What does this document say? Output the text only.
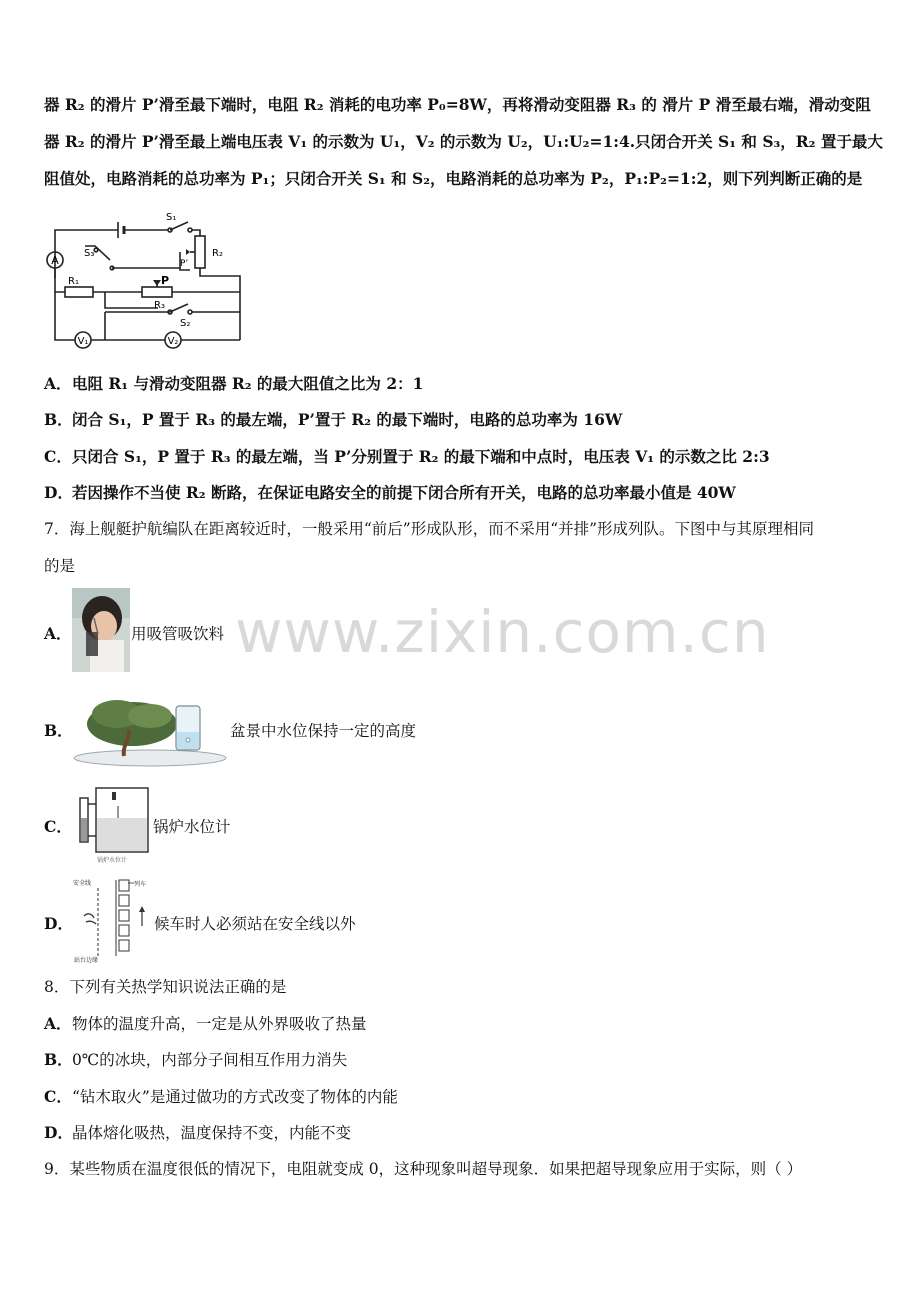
器 R₂ 的滑片 P’滑至最下端时，电阻 R₂ 消耗的电功率 P₀=8W，再将滑动变阻器 R₃ 的 滑片 P 滑至最右端，滑动变阻
器 R₂ 的滑片 P’滑至最上端电压表 V₁ 的示数为 U₁，V₂ 的示数为 U₂，U₁:U₂=1:4.只闭合开关 S₁ 和 S₃，R₂ 置于最大
阻值处，电路消耗的总功率为 P₁；只闭合开关 S₁ 和 S₂，电路消耗的总功率为 P₂，P₁:P₂=1:2，则下列判断正确的是
A
V₁	V₂
S₁
S₃	R₂
P’
R₁	P
R₃
S₂
A．电阻 R₁ 与滑动变阻器 R₂ 的最大阻值之比为 2：1
B．闭合 S₁，P 置于 R₃ 的最左端，P’置于 R₂ 的最下端时，电路的总功率为 16W
C．只闭合 S₁，P 置于 R₃ 的最左端，当 P’分别置于 R₂ 的最下端和中点时，电压表 V₁ 的示数之比 2:3
D．若因操作不当使 R₂ 断路，在保证电路安全的前提下闭合所有开关，电路的总功率最小值是 40W
7．海上舰艇护航编队在距离较近时，一般采用“前后”形成队形，而不采用“并排”形成列队。下图中与其原理相同
的是
www.zixin.com.cn
A．	用吸管吸饮料
B．	盆景中水位保持一定的高度
C．
锅炉水位计
锅炉水位计
D．
安全线	列车
站台边缘
候车时人必须站在安全线以外
8．下列有关热学知识说法正确的是
A．物体的温度升高，一定是从外界吸收了热量
B．0℃的冰块，内部分子间相互作用力消失
C．“钻木取火”是通过做功的方式改变了物体的内能
D．晶体熔化吸热，温度保持不变，内能不变
9．某些物质在温度很低的情况下，电阻就变成 0，这种现象叫超导现象．如果把超导现象应用于实际，则（ ）
